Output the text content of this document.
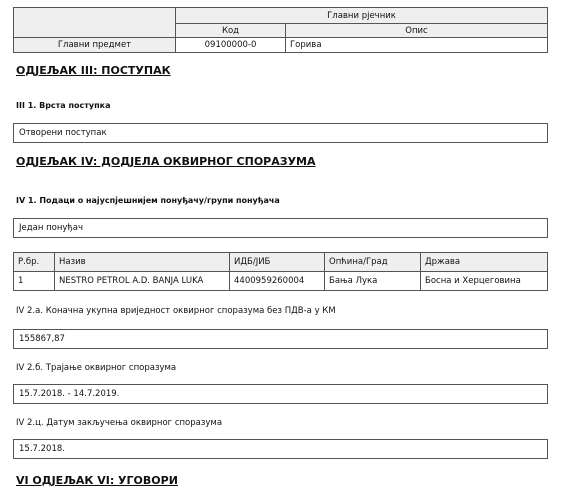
Главни рјечник
Код	Опис
Главни предмет	09100000-0	Горива
ОДЈЕЉАК III: ПОСТУПАК
III 1. Врста поступка
Отворени поступак
ОДЈЕЉАК IV: ДОДЈЕЛА ОКВИРНОГ СПОРАЗУМА
IV 1. Подаци о најуспјешнијем понуђачу/групи понуђача
Један понуђач
Р.бр.	Назив	ИДБ/ЈИБ	Опћина/Град	Држава
1	NESTRO PETROL A.D. BANJA LUKA	4400959260004	Бања Лука	Босна и Херцеговина
IV 2.a. Коначна укупна вриједност оквирног споразума без ПДВ-а у КМ
155867,87
IV 2.б. Трајање оквирног споразума
15.7.2018. - 14.7.2019.
IV 2.ц. Датум закључења оквирног споразума
15.7.2018.
VI ОДЈЕЉАК VI: УГОВОРИ
